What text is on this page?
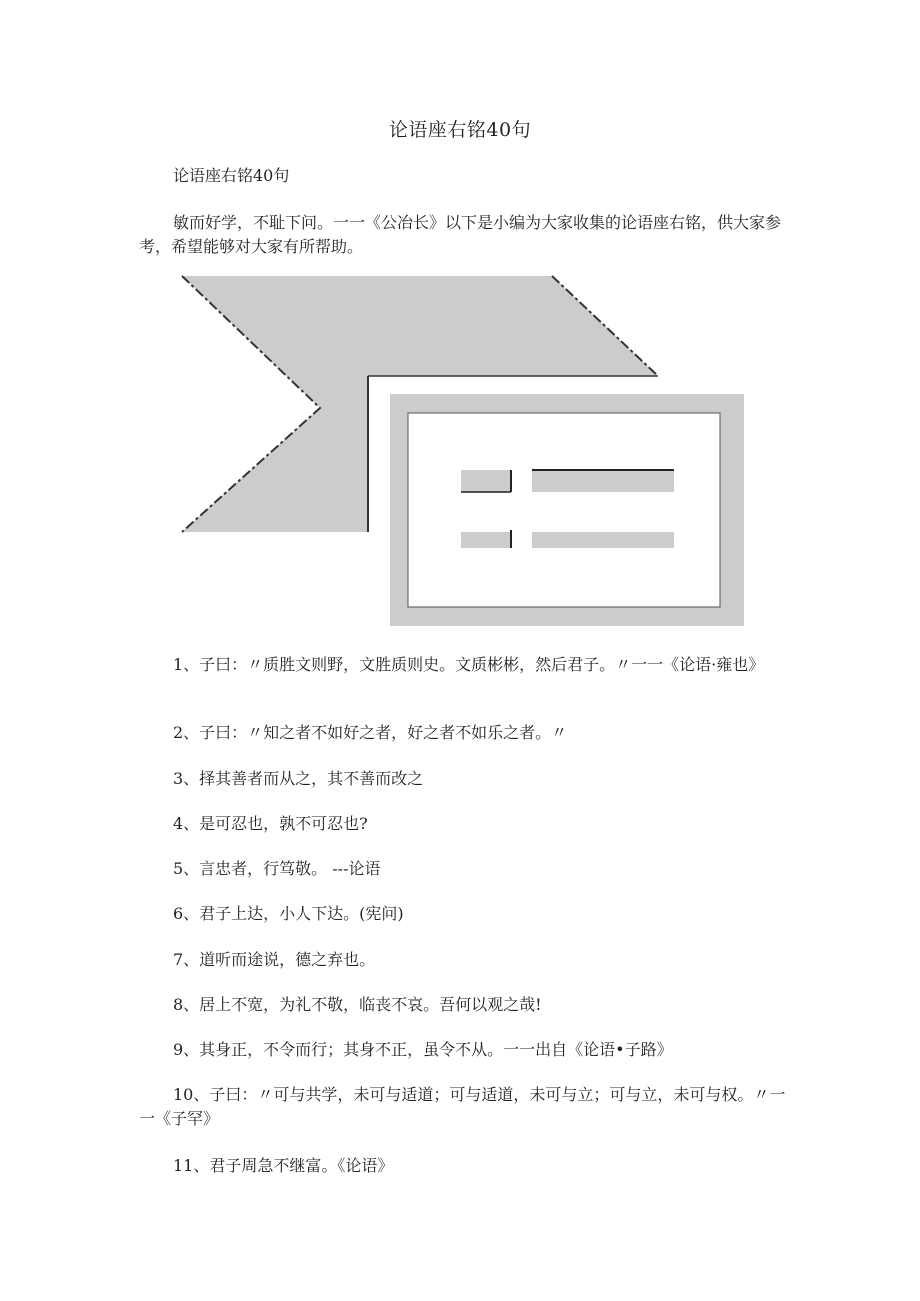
论语座右铭40句

论语座右铭40句

敏而好学，不耻下问。一一《公冶长》以下是小编为大家收集的论语座右铭，供大家参考，希望能够对大家有所帮助。

1、子曰：〃质胜文则野，文胜质则史。文质彬彬，然后君子。〃一一《论语·雍也》

2、子曰：〃知之者不如好之者，好之者不如乐之者。〃

3、择其善者而从之，其不善而改之

4、是可忍也，孰不可忍也?

5、言忠者，行笃敬。 ---论语

6、君子上达，小人下达。(宪问)

7、道听而途说，德之弃也。

8、居上不宽，为礼不敬，临丧不哀。吾何以观之哉!

9、其身正，不令而行；其身不正，虽令不从。一一出自《论语•子路》

10、子曰：〃可与共学，未可与适道；可与适道，未可与立；可与立，未可与权。〃一一《子罕》

11、君子周急不继富。《论语》
